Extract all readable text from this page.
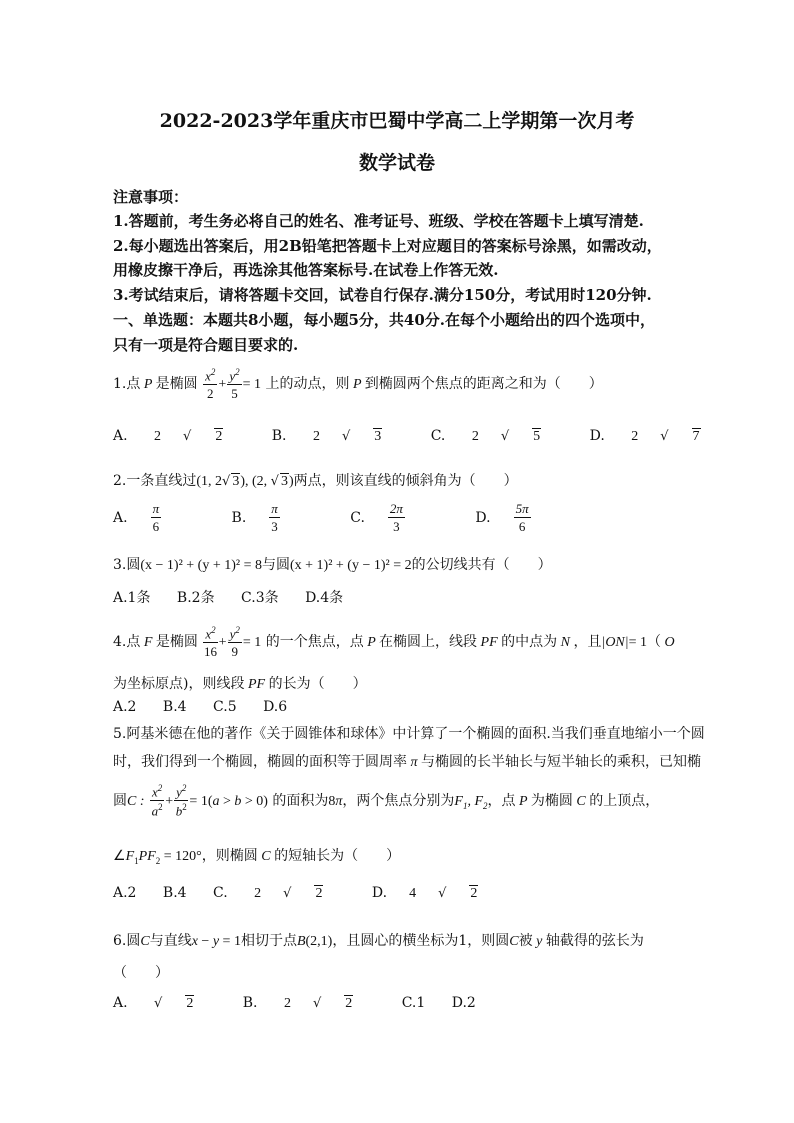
2022-2023学年重庆市巴蜀中学高二上学期第一次月考
数学试卷
注意事项：
1.答题前，考生务必将自己的姓名、准考证号、班级、学校在答题卡上填写清楚.
2.每小题选出答案后，用2B铅笔把答题卡上对应题目的答案标号涂黑，如需改动，
用橡皮擦干净后，再选涂其他答案标号.在试卷上作答无效.
3.考试结束后，请将答题卡交回，试卷自行保存.满分150分，考试用时120分钟.
一、单选题：本题共8小题，每小题5分，共40分.在每个小题给出的四个选项中，
只有一项是符合题目要求的.
1.点 P 是椭圆 $\frac{x^2}{2} + \frac{y^2}{5} = 1$ 上的动点，则 P 到椭圆两个焦点的距离之和为（　　）
A. 2 √ 2	B. 2 √ 3	C. 2 √ 5	D. 2 √ 7
2.一条直线过(1, 2√ 3), (2, √ 3)两点，则该直线的倾斜角为（　　）
A. $\frac{\pi}{6}$	B. $\frac{\pi}{3}$	C. $\frac{2\pi}{3}$	D. $\frac{5\pi}{6}$
3.圆(x − 1)² + (y + 1)² = 8与圆(x + 1)² + (y − 1)² = 2的公切线共有（　　）
A.1条 B.2条 C.3条 D.4条
4.点 F 是椭圆 $\frac{x^2}{16} + \frac{y^2}{9} = 1$ 的一个焦点，点 P 在椭圆上，线段 PF 的中点为 N ，且|ON|= 1（ O
为坐标原点)，则线段 PF 的长为（　　）
A.2 B.4 C.5 D.6
5.阿基米德在他的著作《关于圆锥体和球体》中计算了一个椭圆的面积.当我们垂直地缩小一个圆
时，我们得到一个椭圆，椭圆的面积等于圆周率 π 与椭圆的长半轴长与短半轴长的乘积，已知椭
圆C : $\frac{x^2}{a^2} + \frac{y^2}{b^2} = 1(a > b > 0)$ 的面积为8π，两个焦点分别为$F_1$, $F_2$，点 P 为椭圆 C 的上顶点，
$\angle F_1PF_2 = 120^\circ$，则椭圆 C 的短轴长为（　　）
A.2 B.4 C. 2 √ 2	D. 4 √ 2
6.圆C与直线x − y = 1相切于点B(2,1)，且圆心的横坐标为1，则圆C被 y 轴截得的弦长为
（　　）
A. √ 2	B. 2 √ 2	C.1 D.2
